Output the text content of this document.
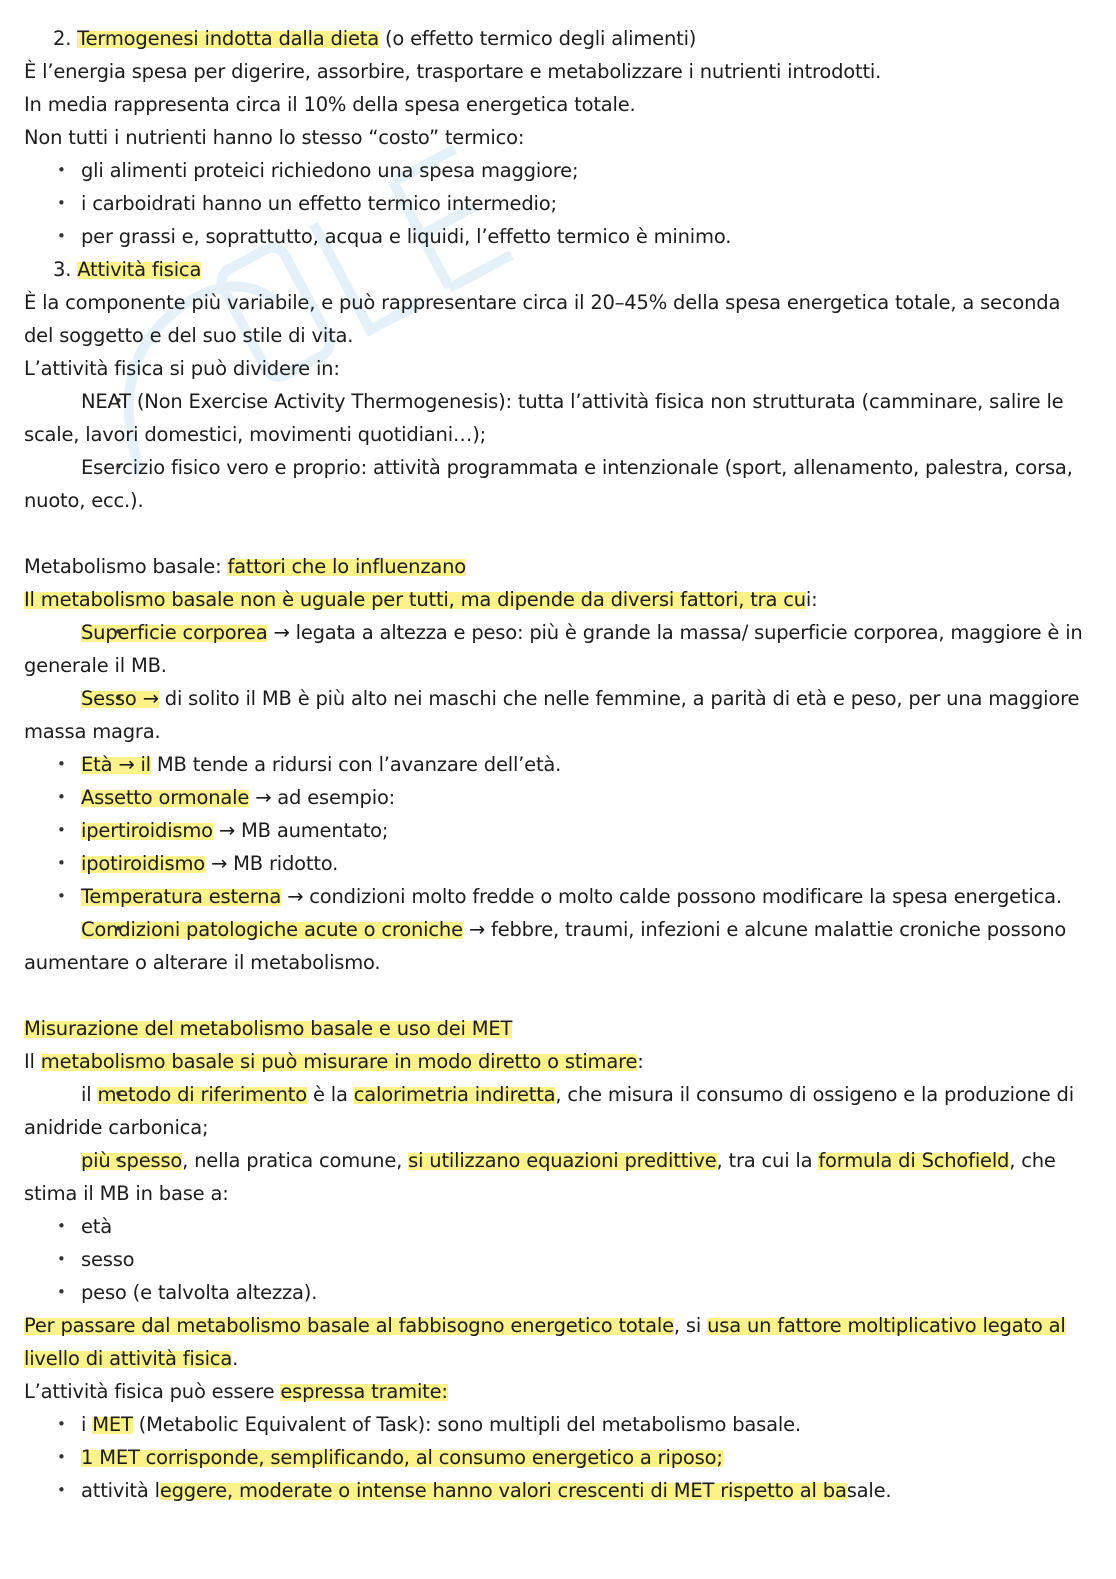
2. Termogenesi indotta dalla dieta (o effetto termico degli alimenti)
È l’energia spesa per digerire, assorbire, trasportare e metabolizzare i nutrienti introdotti.
In media rappresenta circa il 10% della spesa energetica totale.
Non tutti i nutrienti hanno lo stesso “costo” termico:
• gli alimenti proteici richiedono una spesa maggiore;
• i carboidrati hanno un effetto termico intermedio;
• per grassi e, soprattutto, acqua e liquidi, l’effetto termico è minimo.
3. Attività fisica
È la componente più variabile, e può rappresentare circa il 20–45% della spesa energetica totale, a seconda del soggetto e del suo stile di vita.
L’attività fisica si può dividere in:
• NEAT (Non Exercise Activity Thermogenesis): tutta l’attività fisica non strutturata (camminare, salire le scale, lavori domestici, movimenti quotidiani…);
• Esercizio fisico vero e proprio: attività programmata e intenzionale (sport, allenamento, palestra, corsa, nuoto, ecc.).
Metabolismo basale: fattori che lo influenzano
Il metabolismo basale non è uguale per tutti, ma dipende da diversi fattori, tra cui:
• Superficie corporea → legata a altezza e peso: più è grande la massa/ superficie corporea, maggiore è in generale il MB.
• Sesso → di solito il MB è più alto nei maschi che nelle femmine, a parità di età e peso, per una maggiore massa magra.
• Età → il MB tende a ridursi con l’avanzare dell’età.
• Assetto ormonale → ad esempio:
• ipertiroidismo → MB aumentato;
• ipotiroidismo → MB ridotto.
• Temperatura esterna → condizioni molto fredde o molto calde possono modificare la spesa energetica.
• Condizioni patologiche acute o croniche → febbre, traumi, infezioni e alcune malattie croniche possono aumentare o alterare il metabolismo.
Misurazione del metabolismo basale e uso dei MET
Il metabolismo basale si può misurare in modo diretto o stimare:
• il metodo di riferimento è la calorimetria indiretta, che misura il consumo di ossigeno e la produzione di anidride carbonica;
• più spesso, nella pratica comune, si utilizzano equazioni predittive, tra cui la formula di Schofield, che stima il MB in base a:
• età
• sesso
• peso (e talvolta altezza).
Per passare dal metabolismo basale al fabbisogno energetico totale, si usa un fattore moltiplicativo legato al livello di attività fisica.
L’attività fisica può essere espressa tramite:
• i MET (Metabolic Equivalent of Task): sono multipli del metabolismo basale.
• 1 MET corrisponde, semplificando, al consumo energetico a riposo;
• attività leggere, moderate o intense hanno valori crescenti di MET rispetto al basale.
